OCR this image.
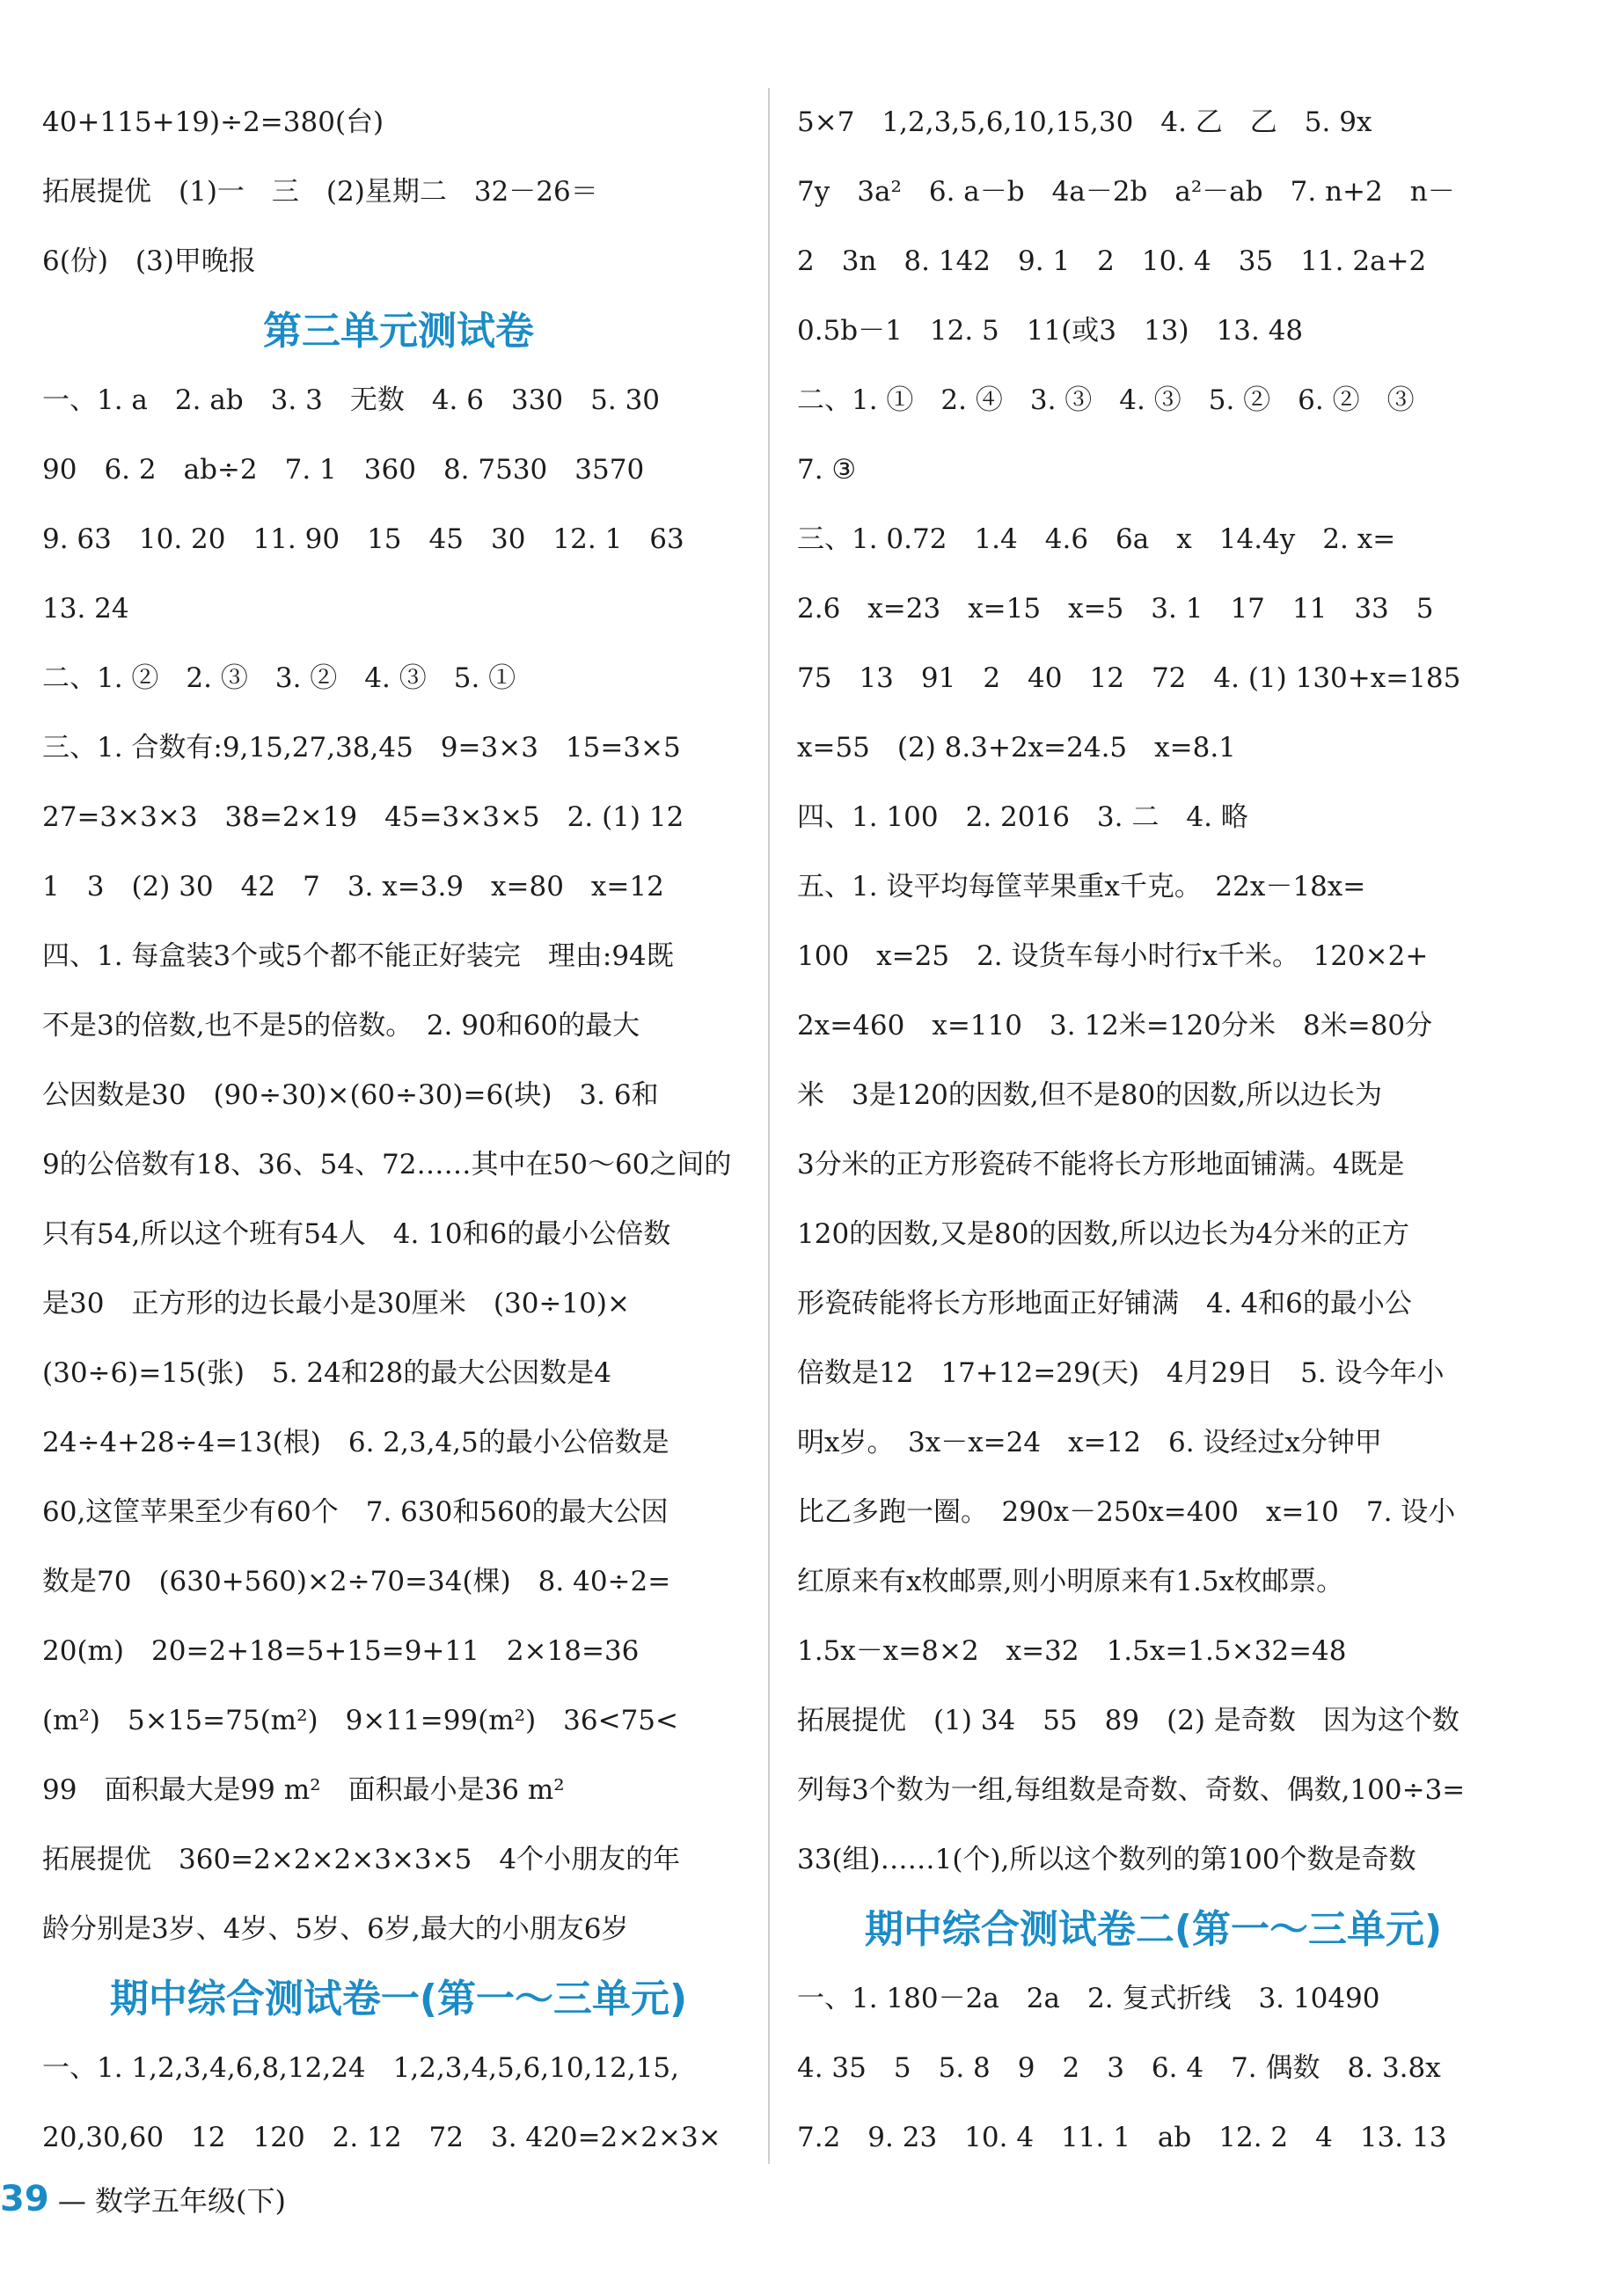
40+115+19)÷2=380(台)
拓展提优　(1)一　三　(2)星期二　32－26＝
6(份)　(3)甲晚报
第三单元测试卷
一、1. a　2. ab　3. 3　无数　4. 6　330　5. 30
90　6. 2　ab÷2　7. 1　360　8. 7530　3570
9. 63　10. 20　11. 90　15　45　30　12. 1　63
13. 24
二、1. ②　2. ③　3. ②　4. ③　5. ①
三、1. 合数有:9,15,27,38,45　9=3×3　15=3×5
27=3×3×3　38=2×19　45=3×3×5　2. (1) 12
1　3　(2) 30　42　7　3. x=3.9　x=80　x=12
四、1. 每盒装3个或5个都不能正好装完　理由:94既
不是3的倍数,也不是5的倍数。　2. 90和60的最大
公因数是30　(90÷30)×(60÷30)=6(块)　3. 6和
9的公倍数有18、36、54、72……其中在50～60之间的
只有54,所以这个班有54人　4. 10和6的最小公倍数
是30　正方形的边长最小是30厘米　(30÷10)×
(30÷6)=15(张)　5. 24和28的最大公因数是4
24÷4+28÷4=13(根)　6. 2,3,4,5的最小公倍数是
60,这筐苹果至少有60个　7. 630和560的最大公因
数是70　(630+560)×2÷70=34(棵)　8. 40÷2=
20(m)　20=2+18=5+15=9+11　2×18=36
(m²)　5×15=75(m²)　9×11=99(m²)　36<75<
99　面积最大是99 m²　面积最小是36 m²
拓展提优　360=2×2×2×3×3×5　4个小朋友的年
龄分别是3岁、4岁、5岁、6岁,最大的小朋友6岁
期中综合测试卷一(第一～三单元)
一、1. 1,2,3,4,6,8,12,24　1,2,3,4,5,6,10,12,15,
20,30,60　12　120　2. 12　72　3. 420=2×2×3×
5×7　1,2,3,5,6,10,15,30　4. 乙　乙　5. 9x
7y　3a²　6. a－b　4a－2b　a²－ab　7. n+2　n－
2　3n　8. 142　9. 1　2　10. 4　35　11. 2a+2
0.5b－1　12. 5　11(或3　13)　13. 48
二、1. ①　2. ④　3. ③　4. ③　5. ②　6. ②　③
7. ③
三、1. 0.72　1.4　4.6　6a　x　14.4y　2. x=
2.6　x=23　x=15　x=5　3. 1　17　11　33　5
75　13　91　2　40　12　72　4. (1) 130+x=185
x=55　(2) 8.3+2x=24.5　x=8.1
四、1. 100　2. 2016　3. 二　4. 略
五、1. 设平均每筐苹果重x千克。　22x－18x=
100　x=25　2. 设货车每小时行x千米。　120×2+
2x=460　x=110　3. 12米=120分米　8米=80分
米　3是120的因数,但不是80的因数,所以边长为
3分米的正方形瓷砖不能将长方形地面铺满。4既是
120的因数,又是80的因数,所以边长为4分米的正方
形瓷砖能将长方形地面正好铺满　4. 4和6的最小公
倍数是12　17+12=29(天)　4月29日　5. 设今年小
明x岁。　3x－x=24　x=12　6. 设经过x分钟甲
比乙多跑一圈。　290x－250x=400　x=10　7. 设小
红原来有x枚邮票,则小明原来有1.5x枚邮票。
1.5x－x=8×2　x=32　1.5x=1.5×32=48
拓展提优　(1) 34　55　89　(2) 是奇数　因为这个数
列每3个数为一组,每组数是奇数、奇数、偶数,100÷3=
33(组)……1(个),所以这个数列的第100个数是奇数
期中综合测试卷二(第一～三单元)
一、1. 180－2a　2a　2. 复式折线　3. 10490
4. 35　5　5. 8　9　2　3　6. 4　7. 偶数　8. 3.8x
7.2　9. 23　10. 4　11. 1　ab　12. 2　4　13. 13
39 — 数学五年级(下)
